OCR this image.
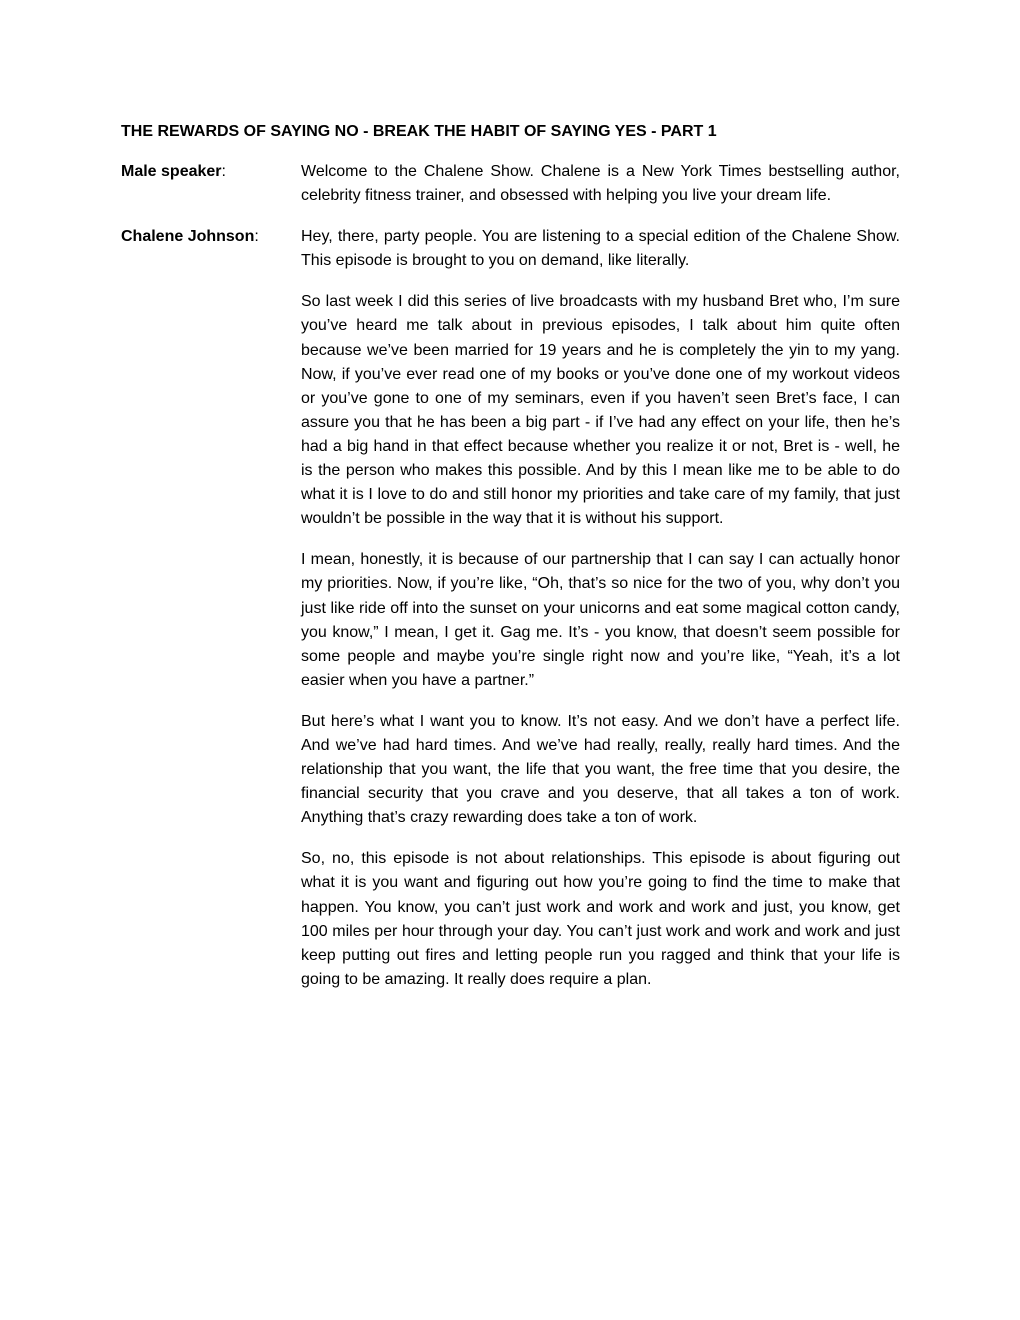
THE REWARDS OF SAYING NO - BREAK THE HABIT OF SAYING YES - PART 1
Male speaker:	Welcome to the Chalene Show. Chalene is a New York Times bestselling author, celebrity fitness trainer, and obsessed with helping you live your dream life.

Chalene Johnson:	Hey, there, party people. You are listening to a special edition of the Chalene Show. This episode is brought to you on demand, like literally.

So last week I did this series of live broadcasts with my husband Bret who, I’m sure you’ve heard me talk about in previous episodes, I talk about him quite often because we’ve been married for 19 years and he is completely the yin to my yang. Now, if you’ve ever read one of my books or you’ve done one of my workout videos or you’ve gone to one of my seminars, even if you haven’t seen Bret’s face, I can assure you that he has been a big part - if I’ve had any effect on your life, then he’s had a big hand in that effect because whether you realize it or not, Bret is - well, he is the person who makes this possible. And by this I mean like me to be able to do what it is I love to do and still honor my priorities and take care of my family, that just wouldn’t be possible in the way that it is without his support.

I mean, honestly, it is because of our partnership that I can say I can actually honor my priorities. Now, if you’re like, “Oh, that’s so nice for the two of you, why don’t you just like ride off into the sunset on your unicorns and eat some magical cotton candy, you know,” I mean, I get it. Gag me. It’s - you know, that doesn’t seem possible for some people and maybe you’re single right now and you’re like, “Yeah, it’s a lot easier when you have a partner.”

But here’s what I want you to know. It’s not easy. And we don’t have a perfect life. And we’ve had hard times. And we’ve had really, really, really hard times. And the relationship that you want, the life that you want, the free time that you desire, the financial security that you crave and you deserve, that all takes a ton of work. Anything that’s crazy rewarding does take a ton of work.

So, no, this episode is not about relationships. This episode is about figuring out what it is you want and figuring out how you’re going to find the time to make that happen. You know, you can’t just work and work and work and just, you know, get 100 miles per hour through your day. You can’t just work and work and work and just keep putting out fires and letting people run you ragged and think that your life is going to be amazing. It really does require a plan.
